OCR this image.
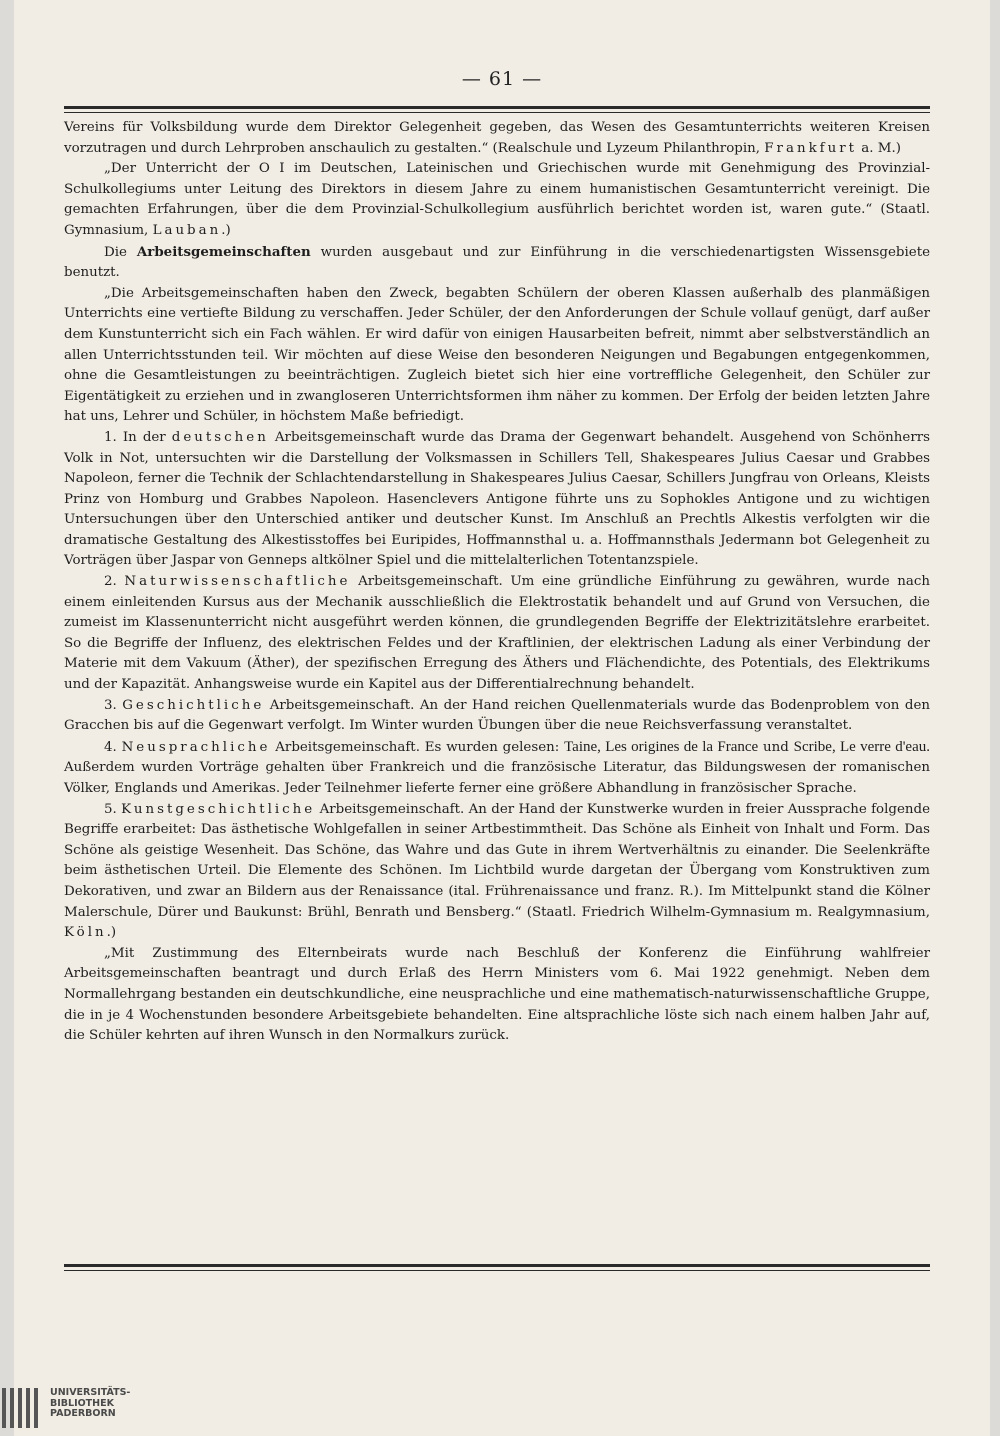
— 61 —

Vereins für Volksbildung wurde dem Direktor Gelegenheit gegeben, das Wesen des Gesamtunterrichts weiteren Kreisen vorzutragen und durch Lehrproben anschaulich zu gestalten.“ (Realschule und Lyzeum Philanthropin, Frankfurt a. M.)

„Der Unterricht der O I im Deutschen, Lateinischen und Griechischen wurde mit Genehmigung des Provinzial-Schulkollegiums unter Leitung des Direktors in diesem Jahre zu einem humanistischen Gesamtunterricht vereinigt. Die gemachten Erfahrungen, über die dem Provinzial-Schulkollegium ausführlich berichtet worden ist, waren gute.“ (Staatl. Gymnasium, Lauban.)

Die Arbeitsgemeinschaften wurden ausgebaut und zur Einführung in die verschiedenartigsten Wissensgebiete benutzt.

„Die Arbeitsgemeinschaften haben den Zweck, begabten Schülern der oberen Klassen außerhalb des planmäßigen Unterrichts eine vertiefte Bildung zu verschaffen. Jeder Schüler, der den Anforderungen der Schule vollauf genügt, darf außer dem Kunstunterricht sich ein Fach wählen. Er wird dafür von einigen Hausarbeiten befreit, nimmt aber selbstverständlich an allen Unterrichtsstunden teil. Wir möchten auf diese Weise den besonderen Neigungen und Begabungen entgegenkommen, ohne die Gesamtleistungen zu beeinträchtigen. Zugleich bietet sich hier eine vortreffliche Gelegenheit, den Schüler zur Eigentätigkeit zu erziehen und in zwangloseren Unterrichtsformen ihm näher zu kommen. Der Erfolg der beiden letzten Jahre hat uns, Lehrer und Schüler, in höchstem Maße befriedigt.

1. In der deutschen Arbeitsgemeinschaft wurde das Drama der Gegenwart behandelt. Ausgehend von Schönherrs Volk in Not, untersuchten wir die Darstellung der Volksmassen in Schillers Tell, Shakespeares Julius Caesar und Grabbes Napoleon, ferner die Technik der Schlachtendarstellung in Shakespeares Julius Caesar, Schillers Jungfrau von Orleans, Kleists Prinz von Homburg und Grabbes Napoleon. Hasenclevers Antigone führte uns zu Sophokles Antigone und zu wichtigen Untersuchungen über den Unterschied antiker und deutscher Kunst. Im Anschluß an Prechtls Alkestis verfolgten wir die dramatische Gestaltung des Alkestisstoffes bei Euripides, Hoffmannsthal u. a. Hoffmannsthals Jedermann bot Gelegenheit zu Vorträgen über Jaspar von Genneps altkölner Spiel und die mittelalterlichen Totentanzspiele.

2. Naturwissenschaftliche Arbeitsgemeinschaft. Um eine gründliche Einführung zu gewähren, wurde nach einem einleitenden Kursus aus der Mechanik ausschließlich die Elektrostatik behandelt und auf Grund von Versuchen, die zumeist im Klassenunterricht nicht ausgeführt werden können, die grundlegenden Begriffe der Elektrizitätslehre erarbeitet. So die Begriffe der Influenz, des elektrischen Feldes und der Kraftlinien, der elektrischen Ladung als einer Verbindung der Materie mit dem Vakuum (Äther), der spezifischen Erregung des Äthers und Flächendichte, des Potentials, des Elektrikums und der Kapazität. Anhangsweise wurde ein Kapitel aus der Differentialrechnung behandelt.

3. Geschichtliche Arbeitsgemeinschaft. An der Hand reichen Quellenmaterials wurde das Bodenproblem von den Gracchen bis auf die Gegenwart verfolgt. Im Winter wurden Übungen über die neue Reichsverfassung veranstaltet.

4. Neusprachliche Arbeitsgemeinschaft. Es wurden gelesen: Taine, Les origines de la France und Scribe, Le verre d'eau. Außerdem wurden Vorträge gehalten über Frankreich und die französische Literatur, das Bildungswesen der romanischen Völker, Englands und Amerikas. Jeder Teilnehmer lieferte ferner eine größere Abhandlung in französischer Sprache.

5. Kunstgeschichtliche Arbeitsgemeinschaft. An der Hand der Kunstwerke wurden in freier Aussprache folgende Begriffe erarbeitet: Das ästhetische Wohlgefallen in seiner Artbestimmtheit. Das Schöne als Einheit von Inhalt und Form. Das Schöne als geistige Wesenheit. Das Schöne, das Wahre und das Gute in ihrem Wertverhältnis zu einander. Die Seelenkräfte beim ästhetischen Urteil. Die Elemente des Schönen. Im Lichtbild wurde dargetan der Übergang vom Konstruktiven zum Dekorativen, und zwar an Bildern aus der Renaissance (ital. Frührenaissance und franz. R.). Im Mittelpunkt stand die Kölner Malerschule, Dürer und Baukunst: Brühl, Benrath und Bensberg.“ (Staatl. Friedrich Wilhelm-Gymnasium m. Realgymnasium, Köln.)

„Mit Zustimmung des Elternbeirats wurde nach Beschluß der Konferenz die Einführung wahlfreier Arbeitsgemeinschaften beantragt und durch Erlaß des Herrn Ministers vom 6. Mai 1922 genehmigt. Neben dem Normallehrgang bestanden ein deutschkundliche, eine neusprachliche und eine mathematisch-naturwissenschaftliche Gruppe, die in je 4 Wochenstunden besondere Arbeitsgebiete behandelten. Eine altsprachliche löste sich nach einem halben Jahr auf, die Schüler kehrten auf ihren Wunsch in den Normalkurs zurück.

UNIVERSITÄTS-
BIBLIOTHEK
PADERBORN
